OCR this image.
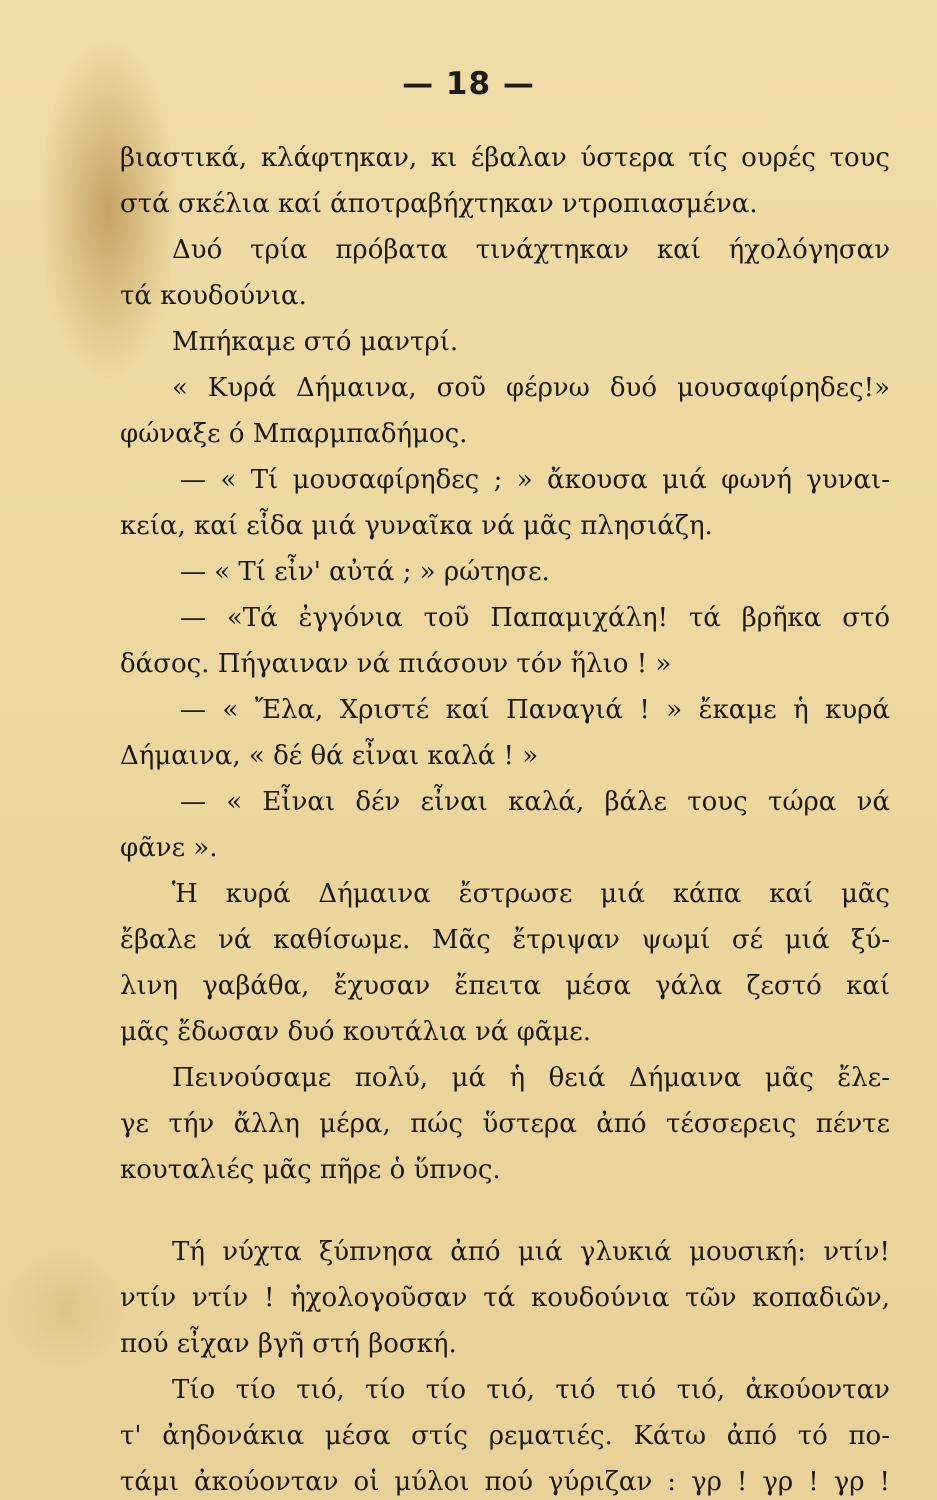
— 18 —
βιαστικά, κλάφτηκαν, κι έβαλαν ύστερα τίς ουρές τους
στά σκέλια καί άποτραβήχτηκαν ντροπιασμένα.
Δυό τρία πρόβατα τινάχτηκαν καί ήχολόγησαν
τά κουδούνια.
Μπήκαμε στό μαντρί.
« Κυρά Δήμαινα, σοῦ φέρνω δυό μουσαφίρηδες!»
φώναξε ό Μπαρμπαδήμος.
— « Τί μουσαφίρηδες ; » ἄκουσα μιά φωνή γυναι-
κεία, καί εἶδα μιά γυναῖκα νά μᾶς πλησιάζη.
— « Τί εἶν' αὐτά ; » ρώτησε.
— «Τά ἐγγόνια τοῦ Παπαμιχάλη! τά βρῆκα στό
δάσος. Πήγαιναν νά πιάσουν τόν ἥλιο ! »
— « Ἔλα, Χριστέ καί Παναγιά ! » ἔκαμε ἡ κυρά
Δήμαινα, « δέ θά εἶναι καλά ! »
— « Εἶναι δέν εἶναι καλά, βάλε τους τώρα νά
φᾶνε ».
Ἡ κυρά Δήμαινα ἔστρωσε μιά κάπα καί μᾶς
ἔβαλε νά καθίσωμε. Μᾶς ἔτριψαν ψωμί σέ μιά ξύ-
λινη γαβάθα, ἔχυσαν ἔπειτα μέσα γάλα ζεστό καί
μᾶς ἔδωσαν δυό κουτάλια νά φᾶμε.
Πεινούσαμε πολύ, μά ἡ θειά Δήμαινα μᾶς ἔλε-
γε τήν ἄλλη μέρα, πώς ὕστερα ἀπό τέσσερεις πέντε
κουταλιές μᾶς πῆρε ὁ ὕπνος.
Τή νύχτα ξύπνησα ἀπό μιά γλυκιά μουσική: ντίν!
ντίν ντίν ! ἠχολογοῦσαν τά κουδούνια τῶν κοπαδιῶν,
πού εἶχαν βγῆ στή βοσκή.
Τίο τίο τιό, τίο τίο τιό, τιό τιό τιό, ἀκούονταν
τ' ἀηδονάκια μέσα στίς ρεματιές. Κάτω ἀπό τό πο-
τάμι ἀκούονταν οἱ μύλοι πού γύριζαν : γρ ! γρ ! γρ !
